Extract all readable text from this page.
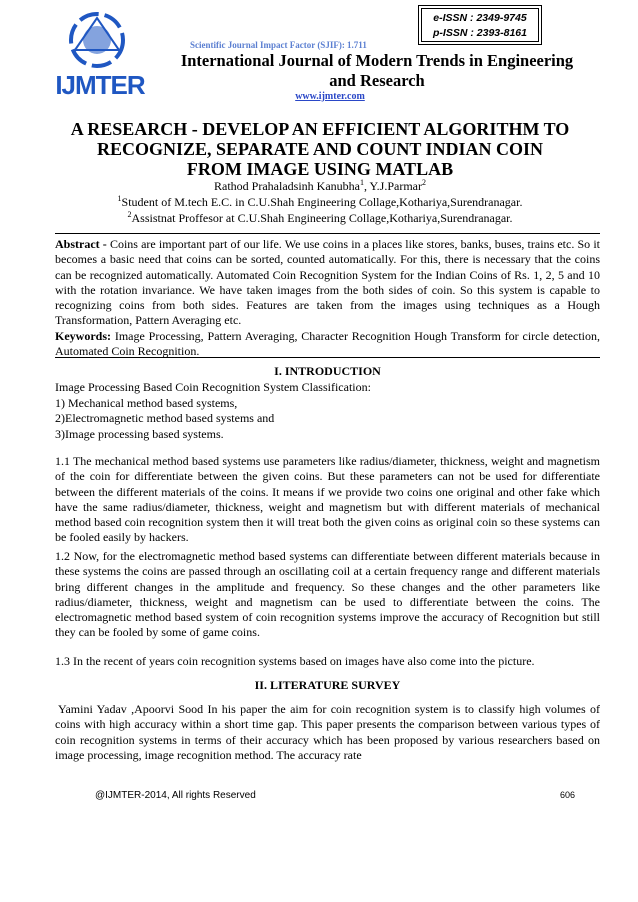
IJMTER
e-ISSN : 2349-9745
p-ISSN : 2393-8161
Scientific Journal Impact Factor (SJIF): 1.711
International Journal of Modern Trends in Engineering
and Research
www.ijmter.com
A RESEARCH - DEVELOP AN EFFICIENT ALGORITHM TO
RECOGNIZE, SEPARATE AND COUNT INDIAN COIN
FROM IMAGE USING MATLAB
Rathod Prahaladsinh Kanubha$^1$, Y.J.Parmar$^2$
$^1$Student of M.tech E.C. in C.U.Shah Engineering Collage,Kothariya,Surendranagar.
$^2$Assistnat Proffesor at C.U.Shah Engineering Collage,Kothariya,Surendranagar.
Abstract - Coins are important part of our life. We use coins in a places like stores, banks, buses, trains etc. So it becomes a basic need that coins can be sorted, counted automatically. For this, there is necessary that the coins can be recognized automatically. Automated Coin Recognition System for the Indian Coins of Rs. 1, 2, 5 and 10 with the rotation invariance. We have taken images from the both sides of coin. So this system is capable to recognizing coins from both sides. Features are taken from the images using techniques as a Hough Transformation, Pattern Averaging etc.
Keywords: Image Processing, Pattern Averaging, Character Recognition Hough Transform for circle detection, Automated Coin Recognition.
I. INTRODUCTION
Image Processing Based Coin Recognition System Classification:
1) Mechanical method based systems,
2)Electromagnetic method based systems and
3)Image processing based systems.
1.1 The mechanical method based systems use parameters like radius/diameter, thickness, weight and magnetism of the coin for differentiate between the given coins. But these parameters can not be used for differentiate between the different materials of the coins. It means if we provide two coins one original and other fake which have the same radius/diameter, thickness, weight and magnetism but with different materials of mechanical method based coin recognition system then it will treat both the given coins as original coin so these systems can be fooled easily by hackers.
1.2 Now, for the electromagnetic method based systems can differentiate between different materials because in these systems the coins are passed through an oscillating coil at a certain frequency range and different materials bring different changes in the amplitude and frequency. So these changes and the other parameters like radius/diameter, thickness, weight and magnetism can be used to differentiate between the coins. The electromagnetic method based system of coin recognition systems improve the accuracy of Recognition but still they can be fooled by some of game coins.
1.3 In the recent of years coin recognition systems based on images have also come into the picture.
II. LITERATURE SURVEY
Yamini Yadav ,Apoorvi Sood In his paper the aim for coin recognition system is to classify high volumes of coins with high accuracy within a short time gap. This paper presents the comparison between various types of coin recognition systems in terms of their accuracy which has been proposed by various researchers based on image processing, image recognition method. The accuracy rate
@IJMTER-2014, All rights Reserved	606
